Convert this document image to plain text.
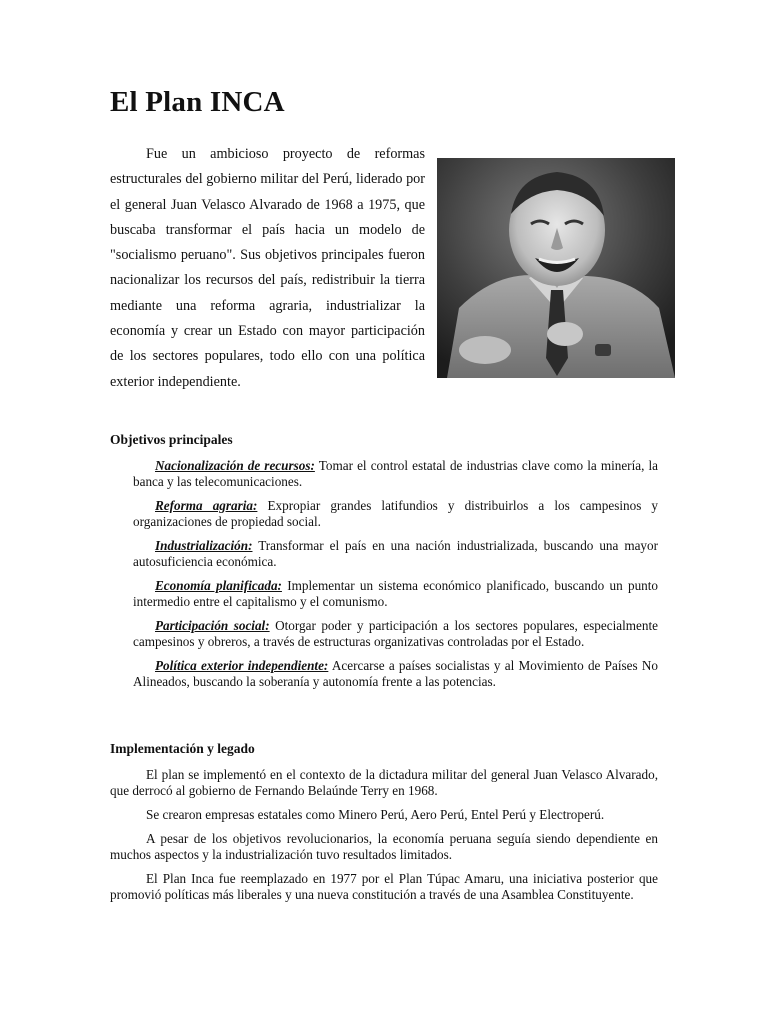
El Plan INCA

Fue un ambicioso proyecto de reformas estructurales del gobierno militar del Perú, liderado por el general Juan Velasco Alvarado de 1968 a 1975, que buscaba transformar el país hacia un modelo de "socialismo peruano". Sus objetivos principales fueron nacionalizar los recursos del país, redistribuir la tierra mediante una reforma agraria, industrializar la economía y crear un Estado con mayor participación de los sectores populares, todo ello con una política exterior independiente.

Objetivos principales
Nacionalización de recursos: Tomar el control estatal de industrias clave como la minería, la banca y las telecomunicaciones.
Reforma agraria: Expropiar grandes latifundios y distribuirlos a los campesinos y organizaciones de propiedad social.
Industrialización: Transformar el país en una nación industrializada, buscando una mayor autosuficiencia económica.
Economía planificada: Implementar un sistema económico planificado, buscando un punto intermedio entre el capitalismo y el comunismo.
Participación social: Otorgar poder y participación a los sectores populares, especialmente campesinos y obreros, a través de estructuras organizativas controladas por el Estado.
Política exterior independiente: Acercarse a países socialistas y al Movimiento de Países No Alineados, buscando la soberanía y autonomía frente a las potencias.
Implementación y legado

El plan se implementó en el contexto de la dictadura militar del general Juan Velasco Alvarado, que derrocó al gobierno de Fernando Belaúnde Terry en 1968.

Se crearon empresas estatales como Minero Perú, Aero Perú, Entel Perú y Electroperú.

A pesar de los objetivos revolucionarios, la economía peruana seguía siendo dependiente en muchos aspectos y la industrialización tuvo resultados limitados.

El Plan Inca fue reemplazado en 1977 por el Plan Túpac Amaru, una iniciativa posterior que promovió políticas más liberales y una nueva constitución a través de una Asamblea Constituyente.
